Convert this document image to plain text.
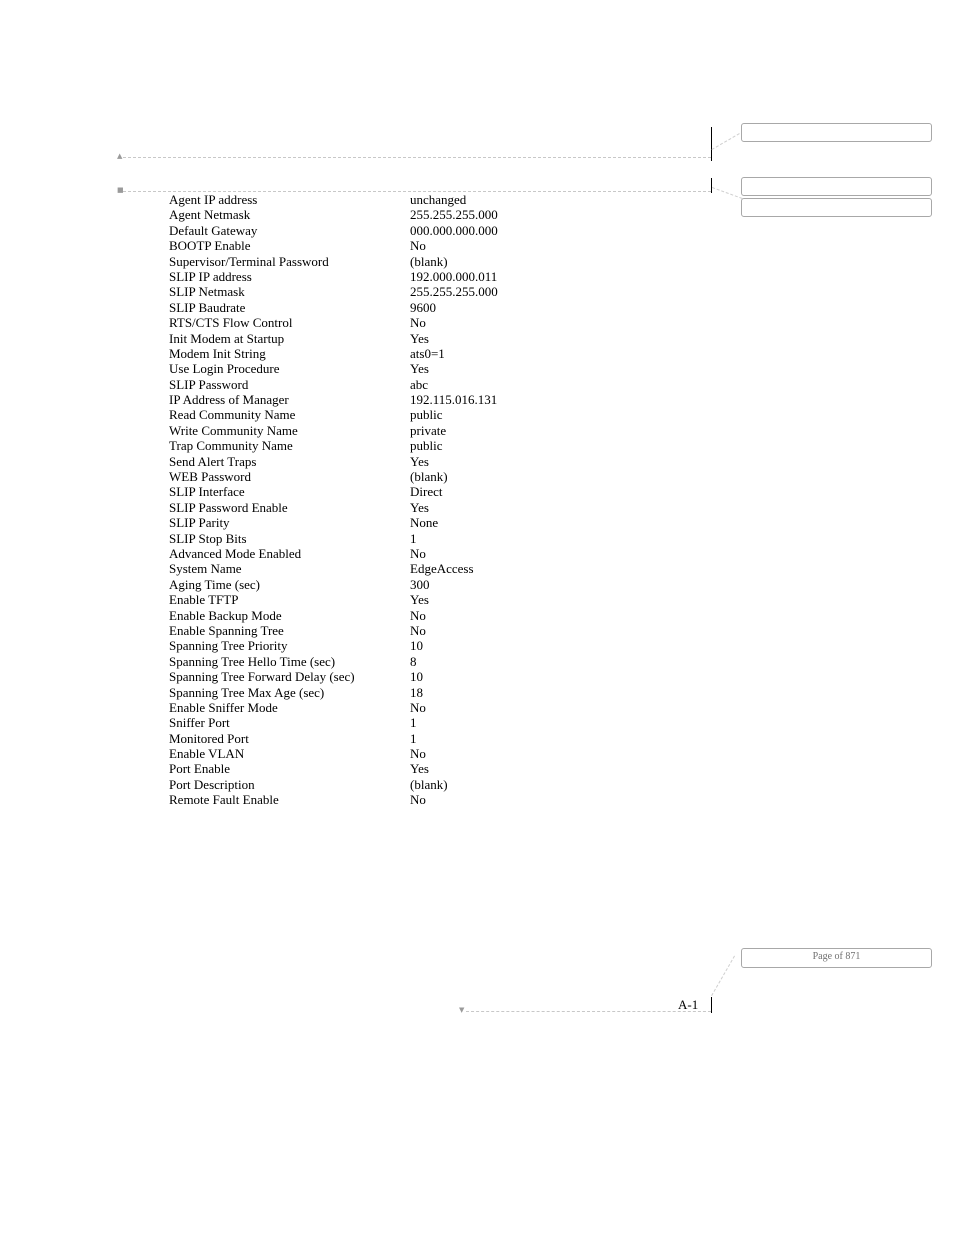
▲
■
Agent IP address	unchanged
Agent Netmask	255.255.255.000
Default Gateway	000.000.000.000
BOOTP Enable	No
Supervisor/Terminal Password	(blank)
SLIP IP address	192.000.000.011
SLIP Netmask	255.255.255.000
SLIP Baudrate	9600
RTS/CTS Flow Control	No
Init Modem at Startup	Yes
Modem Init String	ats0=1
Use Login Procedure	Yes
SLIP Password	abc
IP Address of Manager	192.115.016.131
Read Community Name	public
Write Community Name	private
Trap Community Name	public
Send Alert Traps	Yes
WEB Password	(blank)
SLIP Interface	Direct
SLIP Password Enable	Yes
SLIP Parity	None
SLIP Stop Bits	1
Advanced Mode Enabled	No
System Name	EdgeAccess
Aging Time (sec)	300
Enable TFTP	Yes
Enable Backup Mode	No
Enable Spanning Tree	No
Spanning Tree Priority	10
Spanning Tree Hello Time (sec)	8
Spanning Tree Forward Delay (sec)	10
Spanning Tree Max Age (sec)	18
Enable Sniffer Mode	No
Sniffer Port	1
Monitored Port	1
Enable VLAN	No
Port Enable	Yes
Port Description	(blank)
Remote Fault Enable	No
Page of 871
A-1
▼
